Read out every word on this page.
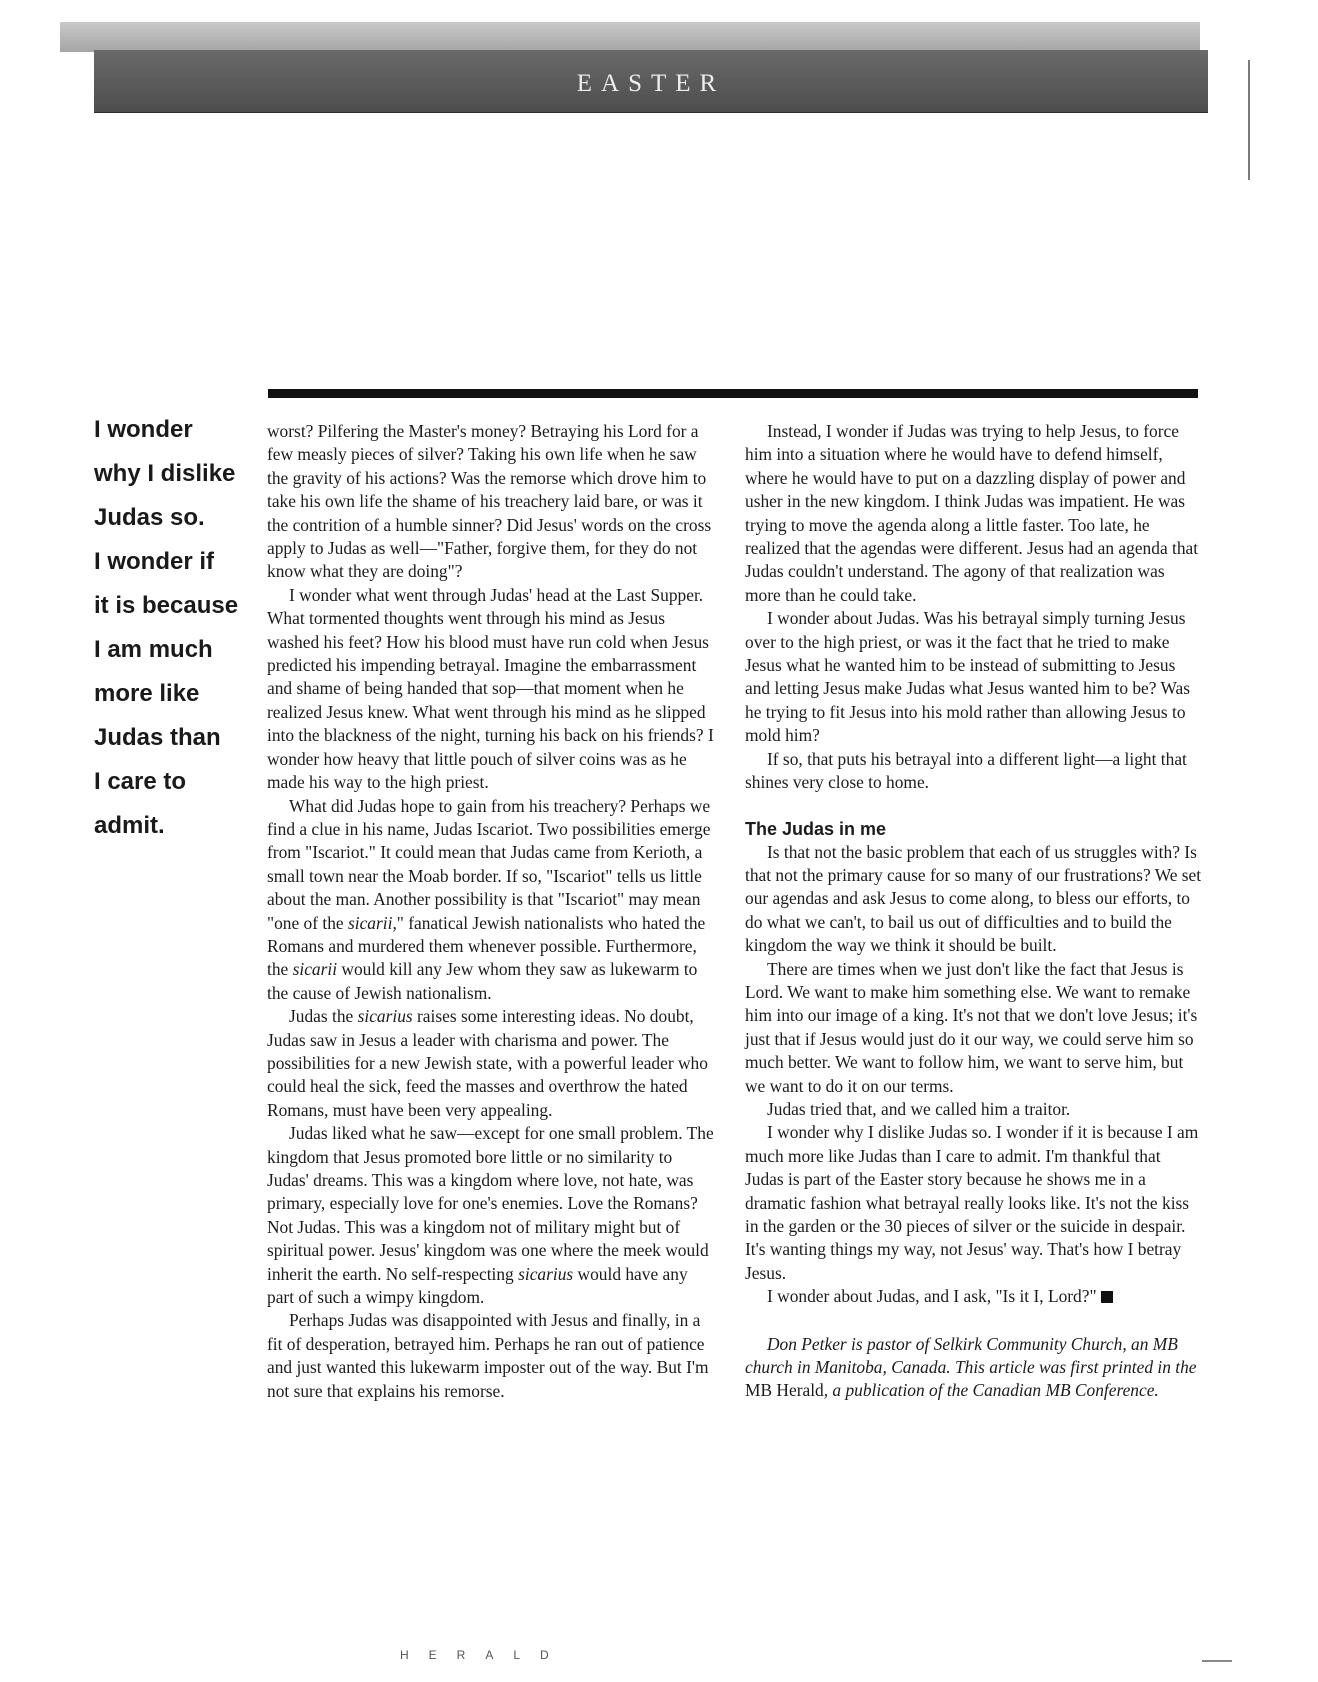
EASTER
I wonder
why I dislike
Judas so.
I wonder if
it is because
I am much
more like
Judas than
I care to
admit.

worst? Pilfering the Master's money? Betraying his Lord for a few measly pieces of silver? Taking his own life when he saw the gravity of his actions? Was the remorse which drove him to take his own life the shame of his treachery laid bare, or was it the contrition of a humble sinner? Did Jesus' words on the cross apply to Judas as well—"Father, forgive them, for they do not know what they are doing"?

I wonder what went through Judas' head at the Last Supper. What tormented thoughts went through his mind as Jesus washed his feet? How his blood must have run cold when Jesus predicted his impending betrayal. Imagine the embarrassment and shame of being handed that sop—that moment when he realized Jesus knew. What went through his mind as he slipped into the blackness of the night, turning his back on his friends? I wonder how heavy that little pouch of silver coins was as he made his way to the high priest.

What did Judas hope to gain from his treachery? Perhaps we find a clue in his name, Judas Iscariot. Two possibilities emerge from "Iscariot." It could mean that Judas came from Kerioth, a small town near the Moab border. If so, "Iscariot" tells us little about the man. Another possibility is that "Iscariot" may mean "one of the sicarii," fanatical Jewish nationalists who hated the Romans and murdered them whenever possible. Furthermore, the sicarii would kill any Jew whom they saw as lukewarm to the cause of Jewish nationalism.

Judas the sicarius raises some interesting ideas. No doubt, Judas saw in Jesus a leader with charisma and power. The possibilities for a new Jewish state, with a powerful leader who could heal the sick, feed the masses and overthrow the hated Romans, must have been very appealing.

Judas liked what he saw—except for one small problem. The kingdom that Jesus promoted bore little or no similarity to Judas' dreams. This was a kingdom where love, not hate, was primary, especially love for one's enemies. Love the Romans? Not Judas. This was a kingdom not of military might but of spiritual power. Jesus' kingdom was one where the meek would inherit the earth. No self-respecting sicarius would have any part of such a wimpy kingdom.

Perhaps Judas was disappointed with Jesus and finally, in a fit of desperation, betrayed him. Perhaps he ran out of patience and just wanted this lukewarm imposter out of the way. But I'm not sure that explains his remorse.

Instead, I wonder if Judas was trying to help Jesus, to force him into a situation where he would have to defend himself, where he would have to put on a dazzling display of power and usher in the new kingdom. I think Judas was impatient. He was trying to move the agenda along a little faster. Too late, he realized that the agendas were different. Jesus had an agenda that Judas couldn't understand. The agony of that realization was more than he could take.

I wonder about Judas. Was his betrayal simply turning Jesus over to the high priest, or was it the fact that he tried to make Jesus what he wanted him to be instead of submitting to Jesus and letting Jesus make Judas what Jesus wanted him to be? Was he trying to fit Jesus into his mold rather than allowing Jesus to mold him?

If so, that puts his betrayal into a different light—a light that shines very close to home.

The Judas in me

Is that not the basic problem that each of us struggles with? Is that not the primary cause for so many of our frustrations? We set our agendas and ask Jesus to come along, to bless our efforts, to do what we can't, to bail us out of difficulties and to build the kingdom the way we think it should be built.

There are times when we just don't like the fact that Jesus is Lord. We want to make him something else. We want to remake him into our image of a king. It's not that we don't love Jesus; it's just that if Jesus would just do it our way, we could serve him so much better. We want to follow him, we want to serve him, but we want to do it on our terms.

Judas tried that, and we called him a traitor.

I wonder why I dislike Judas so. I wonder if it is because I am much more like Judas than I care to admit. I'm thankful that Judas is part of the Easter story because he shows me in a dramatic fashion what betrayal really looks like. It's not the kiss in the garden or the 30 pieces of silver or the suicide in despair. It's wanting things my way, not Jesus' way. That's how I betray Jesus.

I wonder about Judas, and I ask, "Is it I, Lord?"

Don Petker is pastor of Selkirk Community Church, an MB church in Manitoba, Canada. This article was first printed in the MB Herald, a publication of the Canadian MB Conference.

HERALD
